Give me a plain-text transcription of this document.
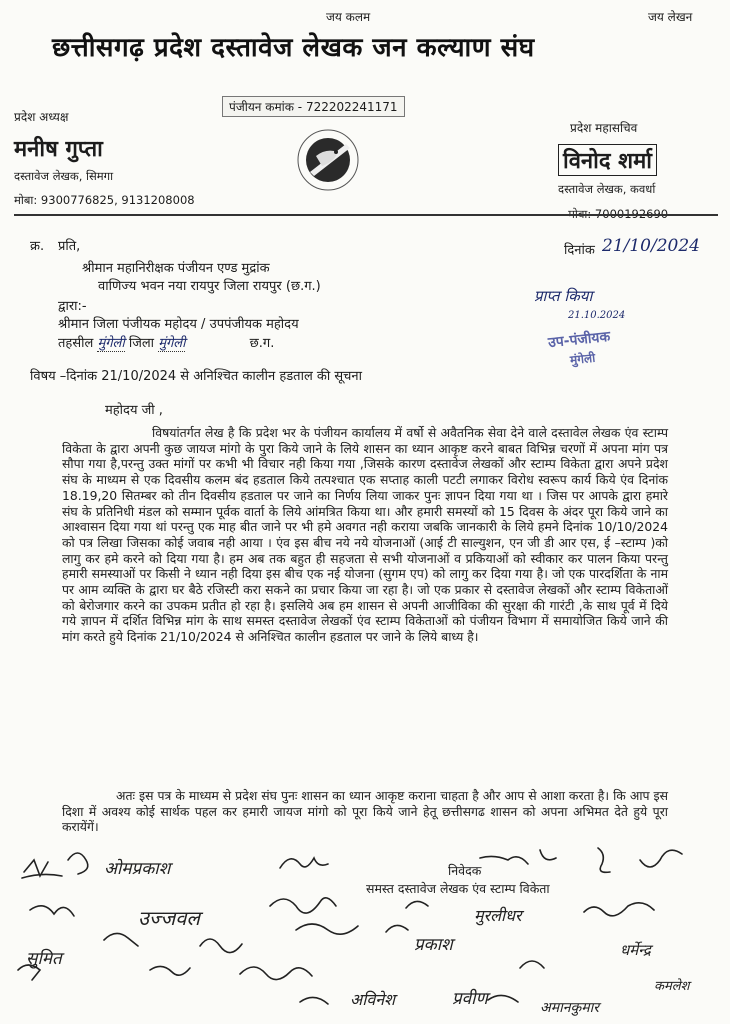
जय कलम	जय लेखन
छत्तीसगढ़ प्रदेश दस्तावेज लेखक जन कल्याण संघ
पंजीयन कमांक - 722202241171
प्रदेश अध्यक्ष
मनीष गुप्ता
दस्तावेज लेखक, सिमगा
मोबा: 9300776825, 9131208008
प्रदेश महासचिव
विनोद शर्मा
दस्तावेज लेखक, कवर्धा
क्र. प्रति,	दिनांक 21/10/2024
श्रीमान महानिरीक्षक पंजीयन एण्ड मुद्रांक
वाणिज्य भवन नया रायपुर जिला रायपुर (छ.ग.)
द्वारा:-
श्रीमान जिला पंजीयक महोदय / उपपंजीयक महोदय
तहसील मुंगेली जिला मुंगेली	छ.ग.
प्राप्त किया
21.10.2024
उप-पंजीयक
मुंगेली
विषय –दिनांक 21/10/2024 से अनिश्चित कालीन हडताल की सूचना
महोदय जी ,

विषयांतर्गत लेख है कि प्रदेश भर के पंजीयन कार्यालय में वर्षो से अवैतनिक सेवा देने वाले दस्तावेल लेखक एंव स्टाम्प विकेता के द्वारा अपनी कुछ जायज मांगो के पुरा किये जाने के लिये शासन का ध्यान आकृष्ट करने बाबत विभिन्न चरणों में अपना मांग पत्र सौपा गया है,परन्तु उक्त मांगों पर कभी भी विचार नही किया गया ,जिसके कारण दस्तावेज लेखकों और स्टाम्प विकेता द्वारा अपने प्रदेश संघ के माध्यम से एक दिवसीय कलम बंद हडताल किये तत्पश्चात एक सप्ताह काली पटटी लगाकर विरोध स्वरूप कार्य किये एंव दिनांक 18.19,20 सितम्बर को तीन दिवसीय हडताल पर जाने का निर्णय लिया जाकर पुनः ज्ञापन दिया गया था । जिस पर आपके द्वारा हमारे संघ के प्रतिनिधी मंडल को सम्मान पूर्वक वार्ता के लिये आंमत्रित किया था। और हमारी समस्यों को 15 दिवस के अंदर पूरा किये जाने का आश्वासन दिया गया थां परन्तु एक माह बीत जाने पर भी हमे अवगत नही कराया जबकि जानकारी के लिये हमने दिनांक 10/10/2024 को पत्र लिखा जिसका कोई जवाब नही आया । एंव इस बीच नये नये योजनाओं (आई टी साल्युशन, एन जी डी आर एस, ई –स्टाम्प )को लागु कर हमे करने को दिया गया है। हम अब तक बहुत ही सहजता से सभी योजनाओं व प्रकियाओं को स्वीकार कर पालन किया परन्तु हमारी समस्याओं पर किसी ने ध्यान नही दिया इस बीच एक नई योजना (सुगम एप) को लागु कर दिया गया है। जो एक पारदर्शिता के नाम पर आम व्यक्ति के द्वारा घर बैठे रजिस्टी करा सकने का प्रचार किया जा रहा है। जो एक प्रकार से दस्तावेज लेखकों और स्टाम्प विकेताओं को बेरोजगार करने का उपकम प्रतीत हो रहा है। इसलिये अब हम शासन से अपनी आजीविका की सुरक्षा की गारंटी ,के साथ पूर्व में दिये गये ज्ञापन में दर्शित विभिन्न मांग के साथ समस्त दस्तावेज लेखकों एंव स्टाम्प विकेताओं को पंजीयन विभाग में समायोजित किये जाने की मांग करते हुये दिनांक 21/10/2024 से अनिश्चित कालीन हडताल पर जाने के लिये बाध्य है।

अतः इस पत्र के माध्यम से प्रदेश संघ पुनः शासन का ध्यान आकृष्ट कराना चाहता है और आप से आशा करता है। कि आप इस दिशा में अवश्य कोई सार्थक पहल कर हमारी जायज मांगो को पूरा किये जाने हेतू छत्तीसगढ शासन को अपना अभिमत देते हुये पूरा करायेंगें।

निवेदक
समस्त दस्तावेज लेखक एंव स्टाम्प विकेता
ओमप्रकाश
उज्जवल	मुरलीधर
सुमित
प्रकाश
अविनेश	प्रवीण
धर्मेन्द्र
कमलेश
अमानकुमार
